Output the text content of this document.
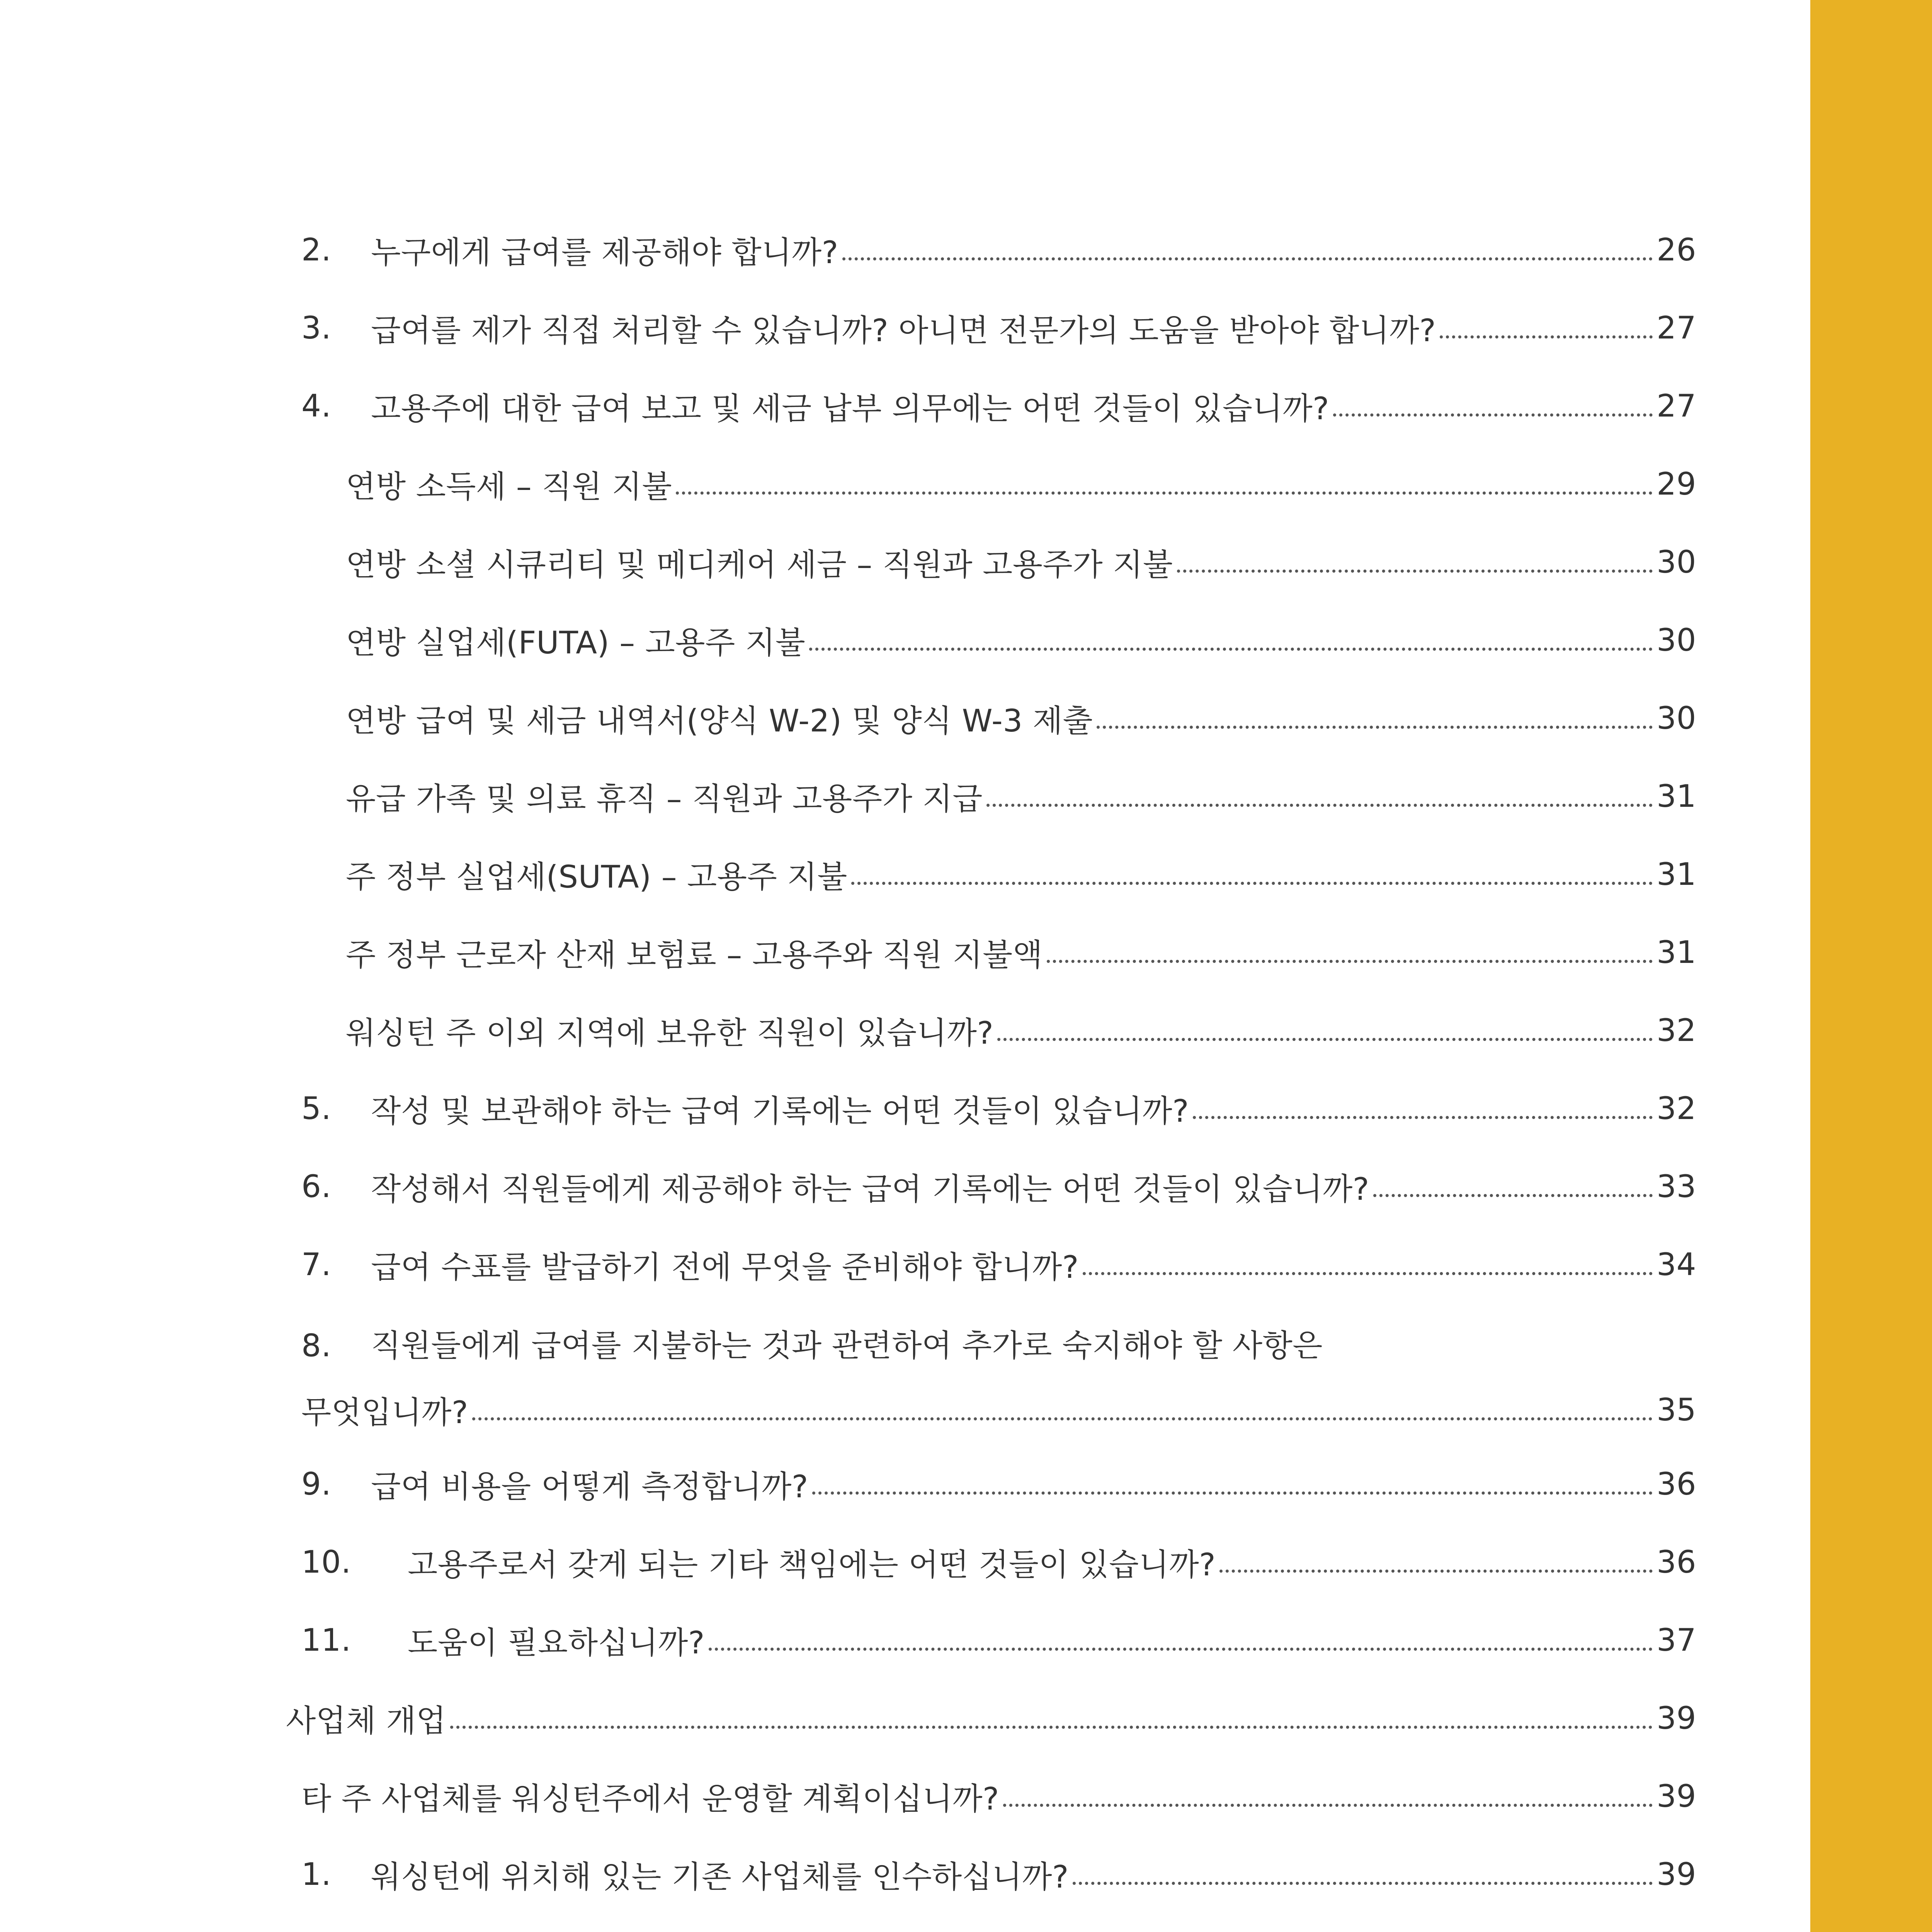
2.	누구에게 급여를 제공해야 합니까?	26
3.	급여를 제가 직접 처리할 수 있습니까? 아니면 전문가의 도움을 받아야 합니까?	27
4.	고용주에 대한 급여 보고 및 세금 납부 의무에는 어떤 것들이 있습니까?	27
연방 소득세 – 직원 지불	29
연방 소셜 시큐리티 및 메디케어 세금 – 직원과 고용주가 지불	30
연방 실업세(FUTA) – 고용주 지불	30
연방 급여 및 세금 내역서(양식 W-2) 및 양식 W-3 제출	30
유급 가족 및 의료 휴직 – 직원과 고용주가 지급	31
주 정부 실업세(SUTA) – 고용주 지불	31
주 정부 근로자 산재 보험료 – 고용주와 직원 지불액	31
워싱턴 주 이외 지역에 보유한 직원이 있습니까?	32
5.	작성 및 보관해야 하는 급여 기록에는 어떤 것들이 있습니까?	32
6.	작성해서 직원들에게 제공해야 하는 급여 기록에는 어떤 것들이 있습니까?	33
7.	급여 수표를 발급하기 전에 무엇을 준비해야 합니까?	34
8. 직원들에게 급여를 지불하는 것과 관련하여 추가로 숙지해야 할 사항은
무엇입니까?	35
9.	급여 비용을 어떻게 측정합니까?	36
10.	고용주로서 갖게 되는 기타 책임에는 어떤 것들이 있습니까?	36
11.	도움이 필요하십니까?	37
사업체 개업	39
타 주 사업체를 워싱턴주에서 운영할 계획이십니까?	39
1.	워싱턴에 위치해 있는 기존 사업체를 인수하십니까?	39
